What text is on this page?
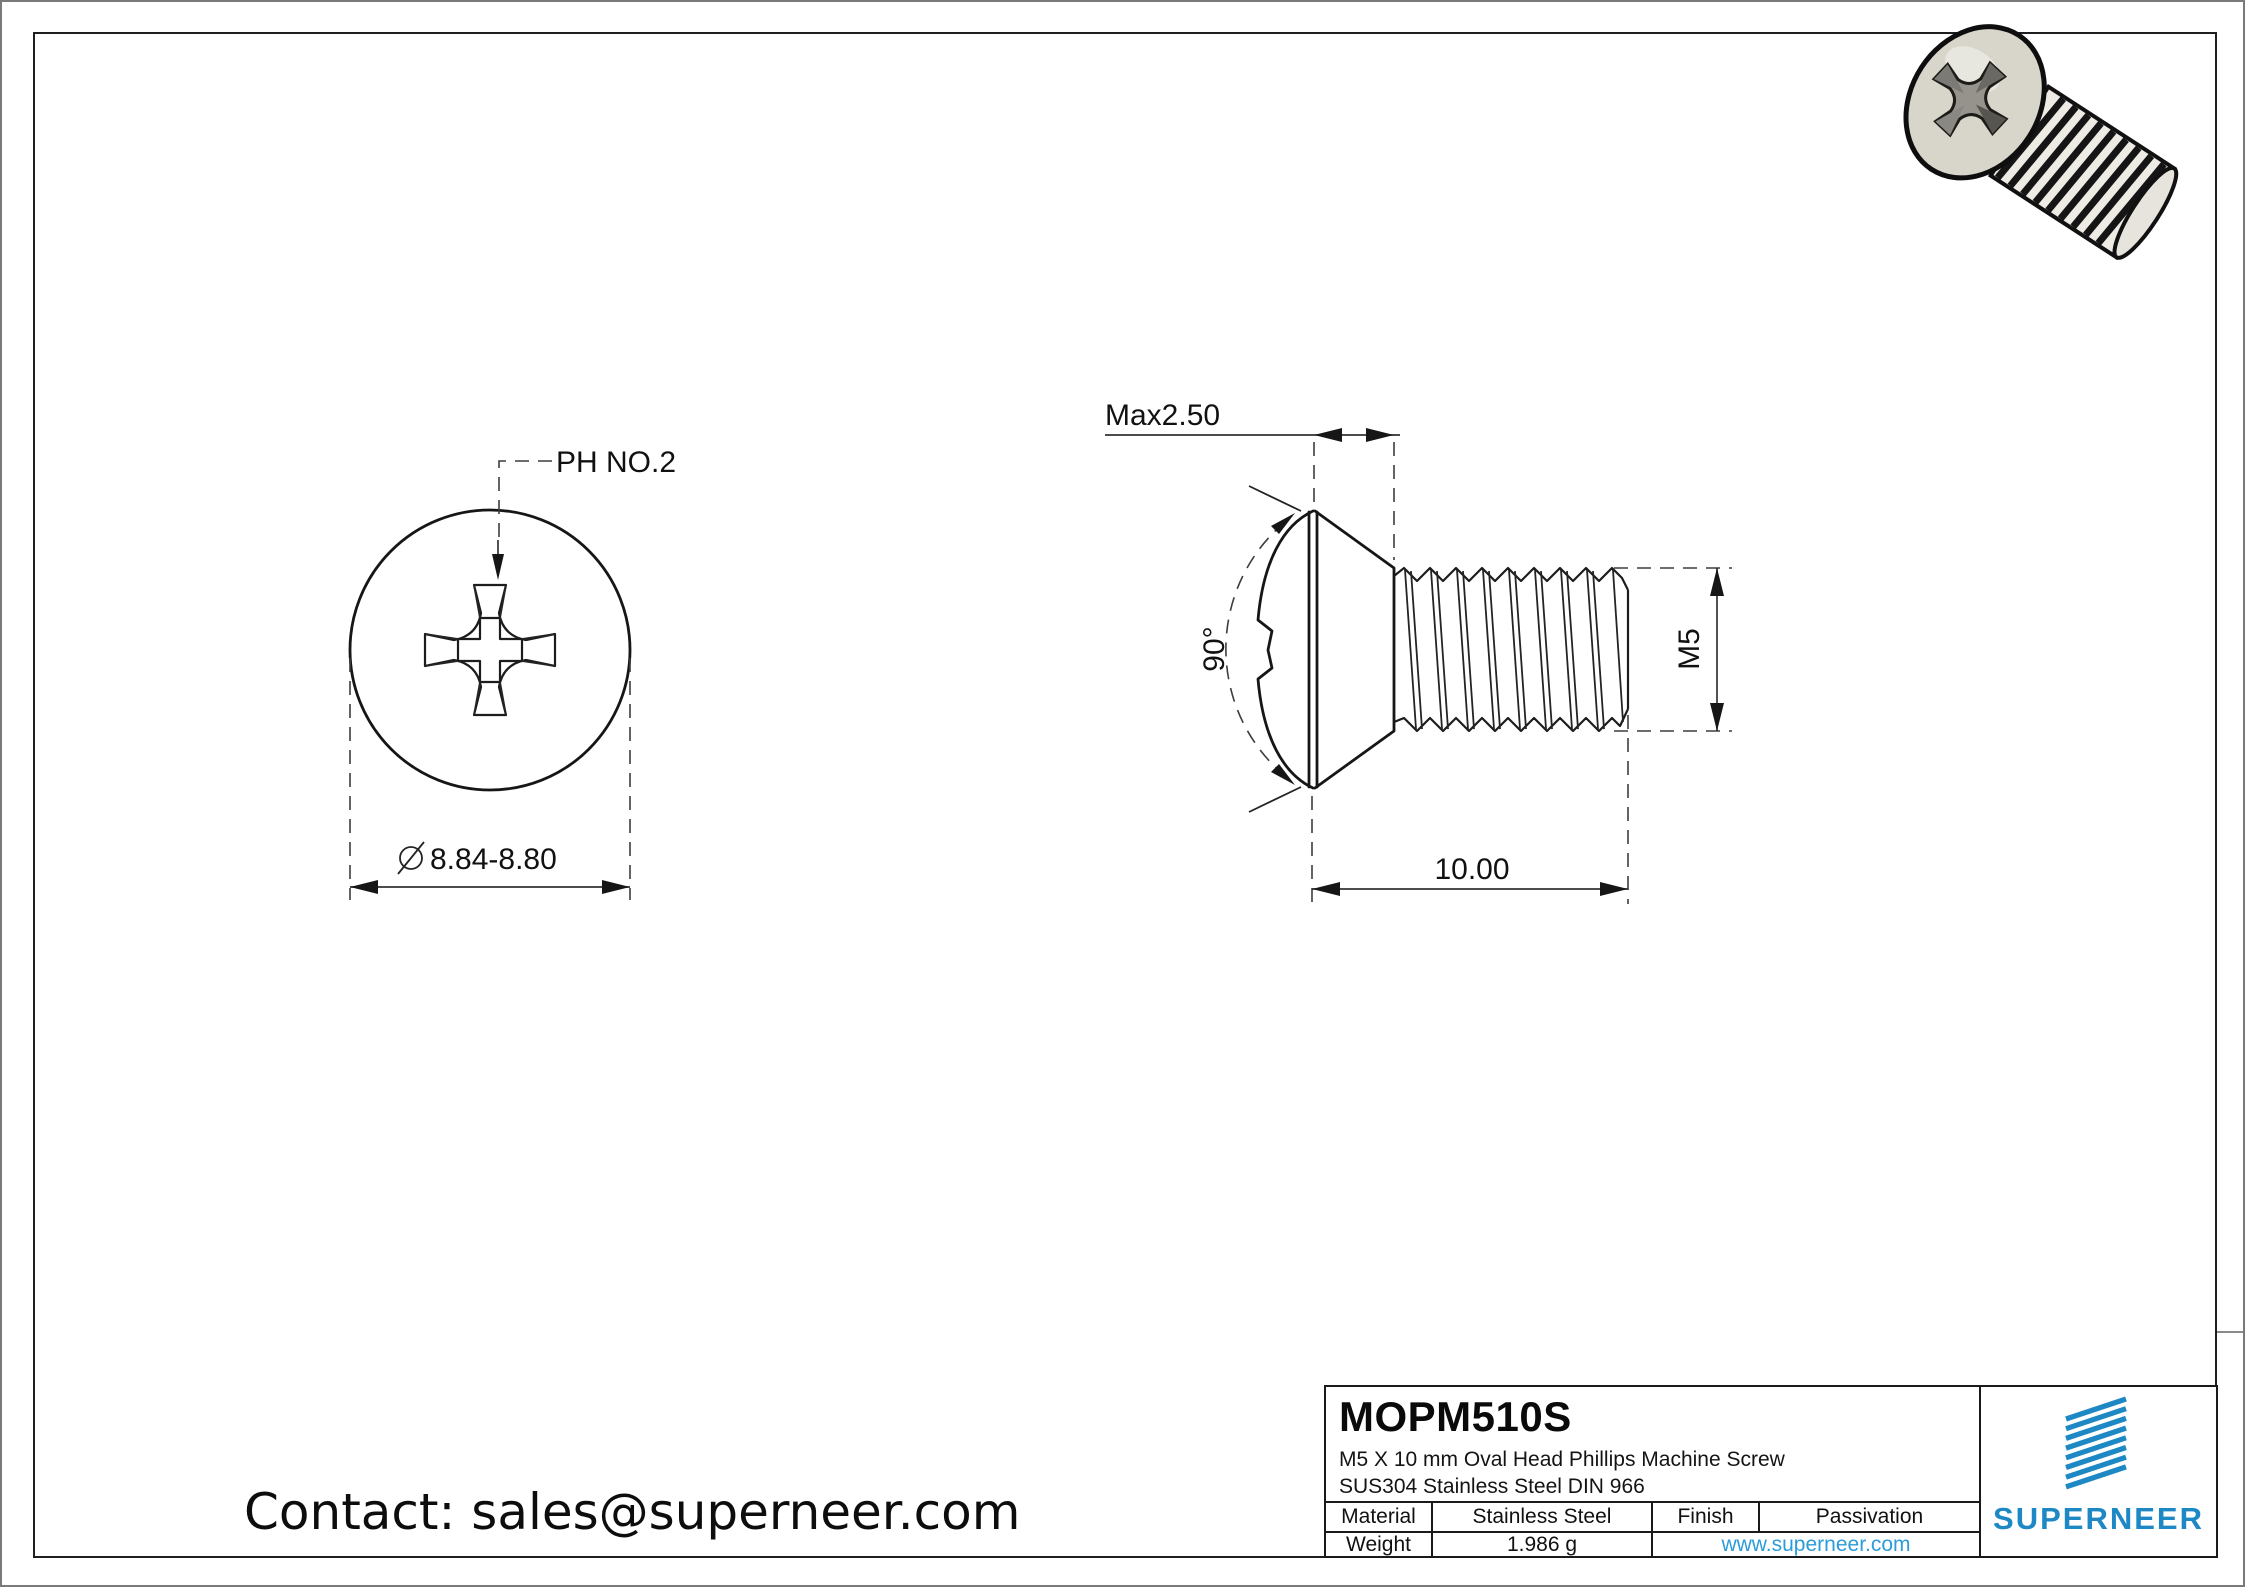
PH NO.2
8.84-8.80
Max2.50
90°	M5
10.00
Contact: sales@superneer.com
MOPM510S
M5 X 10 mm Oval Head Phillips Machine Screw
SUS304 Stainless Steel DIN 966
Material	Stainless Steel	Finish	Passivation
Weight	1.986 g	www.superneer.com
SUPERNEER
